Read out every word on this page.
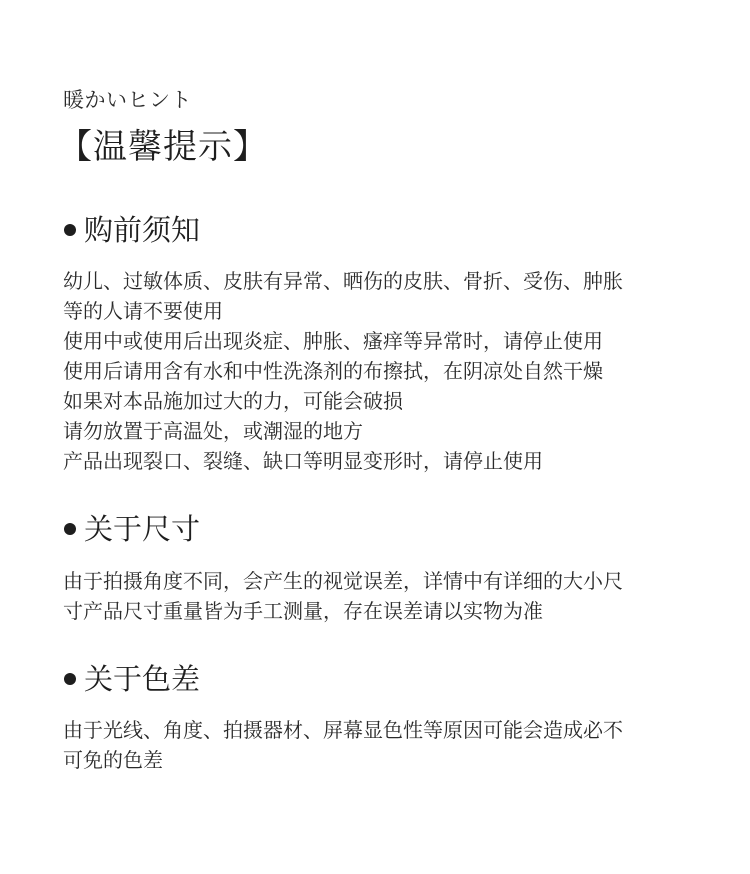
暖かいヒント
【温馨提示】
购前须知
幼儿、过敏体质、皮肤有异常、晒伤的皮肤、骨折、受伤、肿胀
等的人请不要使用
使用中或使用后出现炎症、肿胀、瘙痒等异常时，请停止使用
使用后请用含有水和中性洗涤剂的布擦拭，在阴凉处自然干燥
如果对本品施加过大的力，可能会破损
请勿放置于高温处，或潮湿的地方
产品出现裂口、裂缝、缺口等明显变形时，请停止使用
关于尺寸
由于拍摄角度不同，会产生的视觉误差，详情中有详细的大小尺
寸产品尺寸重量皆为手工测量，存在误差请以实物为准
关于色差
由于光线、角度、拍摄器材、屏幕显色性等原因可能会造成必不
可免的色差
